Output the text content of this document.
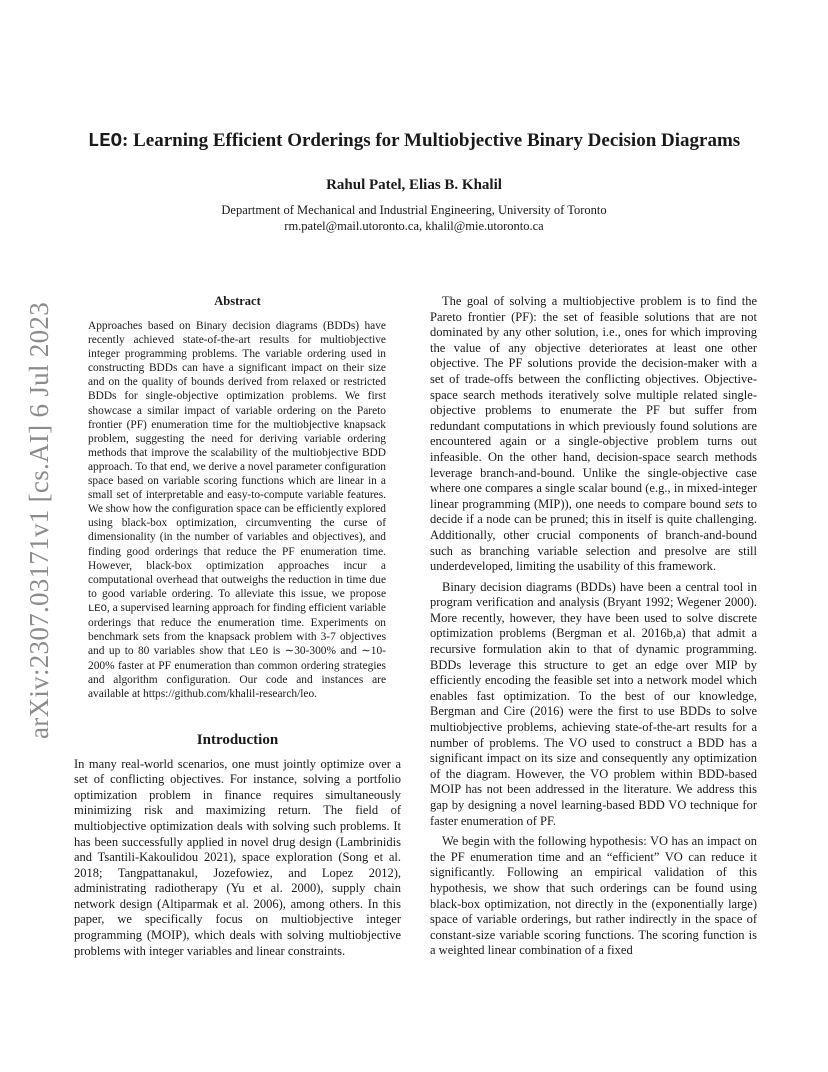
arXiv:2307.03171v1 [cs.AI] 6 Jul 2023
LEO: Learning Efficient Orderings for Multiobjective Binary Decision Diagrams

Rahul Patel, Elias B. Khalil

Department of Mechanical and Industrial Engineering, University of Toronto
rm.patel@mail.utoronto.ca, khalil@mie.utoronto.ca
Abstract

Approaches based on Binary decision diagrams (BDDs) have recently achieved state-of-the-art results for multiobjective integer programming problems. The variable ordering used in constructing BDDs can have a significant impact on their size and on the quality of bounds derived from relaxed or restricted BDDs for single-objective optimization problems. We first showcase a similar impact of variable ordering on the Pareto frontier (PF) enumeration time for the multiobjective knapsack problem, suggesting the need for deriving variable ordering methods that improve the scalability of the multiobjective BDD approach. To that end, we derive a novel parameter configuration space based on variable scoring functions which are linear in a small set of interpretable and easy-to-compute variable features. We show how the configuration space can be efficiently explored using black-box optimization, circumventing the curse of dimensionality (in the number of variables and objectives), and finding good orderings that reduce the PF enumeration time. However, black-box optimization approaches incur a computational overhead that outweighs the reduction in time due to good variable ordering. To alleviate this issue, we propose LEO, a supervised learning approach for finding efficient variable orderings that reduce the enumeration time. Experiments on benchmark sets from the knapsack problem with 3-7 objectives and up to 80 variables show that LEO is ∼30-300% and ∼10-200% faster at PF enumeration than common ordering strategies and algorithm configuration. Our code and instances are available at https://github.com/khalil-research/leo.

Introduction

In many real-world scenarios, one must jointly optimize over a set of conflicting objectives. For instance, solving a portfolio optimization problem in finance requires simultaneously minimizing risk and maximizing return. The field of multiobjective optimization deals with solving such problems. It has been successfully applied in novel drug design (Lambrinidis and Tsantili-Kakoulidou 2021), space exploration (Song et al. 2018; Tangpattanakul, Jozefowiez, and Lopez 2012), administrating radiotherapy (Yu et al. 2000), supply chain network design (Altiparmak et al. 2006), among others. In this paper, we specifically focus on multiobjective integer programming (MOIP), which deals with solving multiobjective problems with integer variables and linear constraints.

The goal of solving a multiobjective problem is to find the Pareto frontier (PF): the set of feasible solutions that are not dominated by any other solution, i.e., ones for which improving the value of any objective deteriorates at least one other objective. The PF solutions provide the decision-maker with a set of trade-offs between the conflicting objectives. Objective-space search methods iteratively solve multiple related single-objective problems to enumerate the PF but suffer from redundant computations in which previously found solutions are encountered again or a single-objective problem turns out infeasible. On the other hand, decision-space search methods leverage branch-and-bound. Unlike the single-objective case where one compares a single scalar bound (e.g., in mixed-integer linear programming (MIP)), one needs to compare bound sets to decide if a node can be pruned; this in itself is quite challenging. Additionally, other crucial components of branch-and-bound such as branching variable selection and presolve are still underdeveloped, limiting the usability of this framework.

Binary decision diagrams (BDDs) have been a central tool in program verification and analysis (Bryant 1992; Wegener 2000). More recently, however, they have been used to solve discrete optimization problems (Bergman et al. 2016b,a) that admit a recursive formulation akin to that of dynamic programming. BDDs leverage this structure to get an edge over MIP by efficiently encoding the feasible set into a network model which enables fast optimization. To the best of our knowledge, Bergman and Cire (2016) were the first to use BDDs to solve multiobjective problems, achieving state-of-the-art results for a number of problems. The VO used to construct a BDD has a significant impact on its size and consequently any optimization of the diagram. However, the VO problem within BDD-based MOIP has not been addressed in the literature. We address this gap by designing a novel learning-based BDD VO technique for faster enumeration of PF.

We begin with the following hypothesis: VO has an impact on the PF enumeration time and an “efficient” VO can reduce it significantly. Following an empirical validation of this hypothesis, we show that such orderings can be found using black-box optimization, not directly in the (exponentially large) space of variable orderings, but rather indirectly in the space of constant-size variable scoring functions. The scoring function is a weighted linear combination of a fixed
